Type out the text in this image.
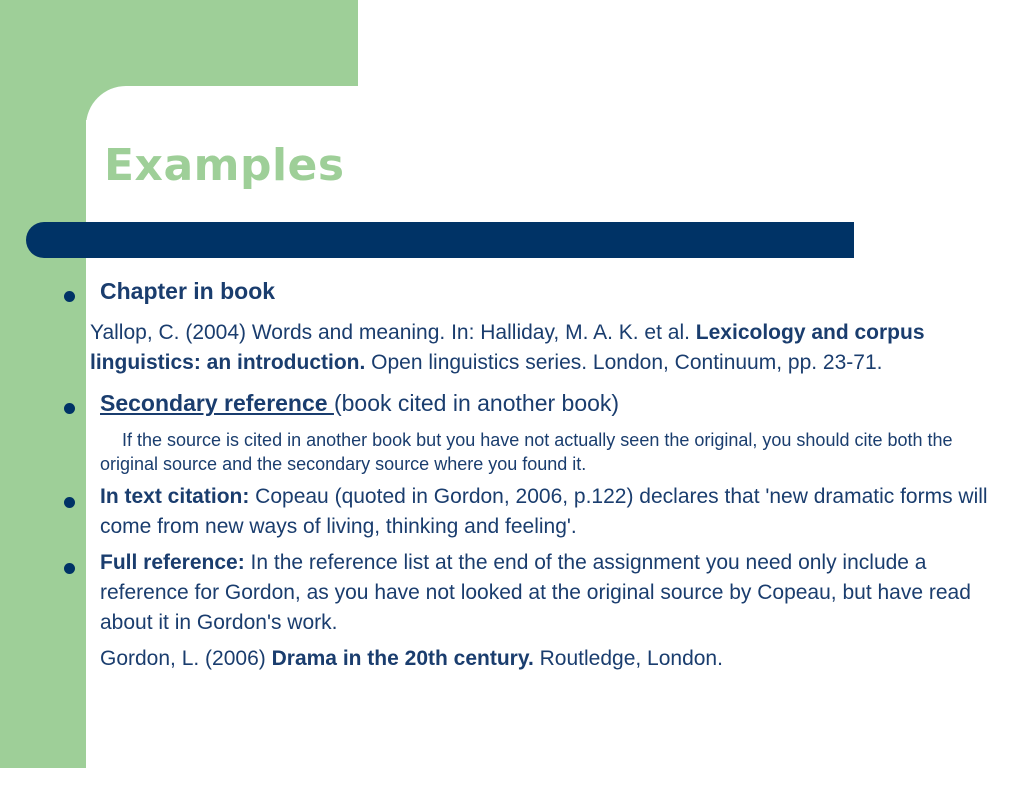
Examples
Chapter in book
Yallop, C. (2004) Words and meaning. In: Halliday, M. A. K. et al. Lexicology and corpus linguistics: an introduction. Open linguistics series. London, Continuum, pp. 23-71.
Secondary reference (book cited in another book)
If the source is cited in another book but you have not actually seen the original, you should cite both the original source and the secondary source where you found it.
In text citation: Copeau (quoted in Gordon, 2006, p.122) declares that 'new dramatic forms will come from new ways of living, thinking and feeling'.
Full reference: In the reference list at the end of the assignment you need only include a reference for Gordon, as you have not looked at the original source by Copeau, but have read about it in Gordon's work.
Gordon, L. (2006) Drama in the 20th century. Routledge, London.
